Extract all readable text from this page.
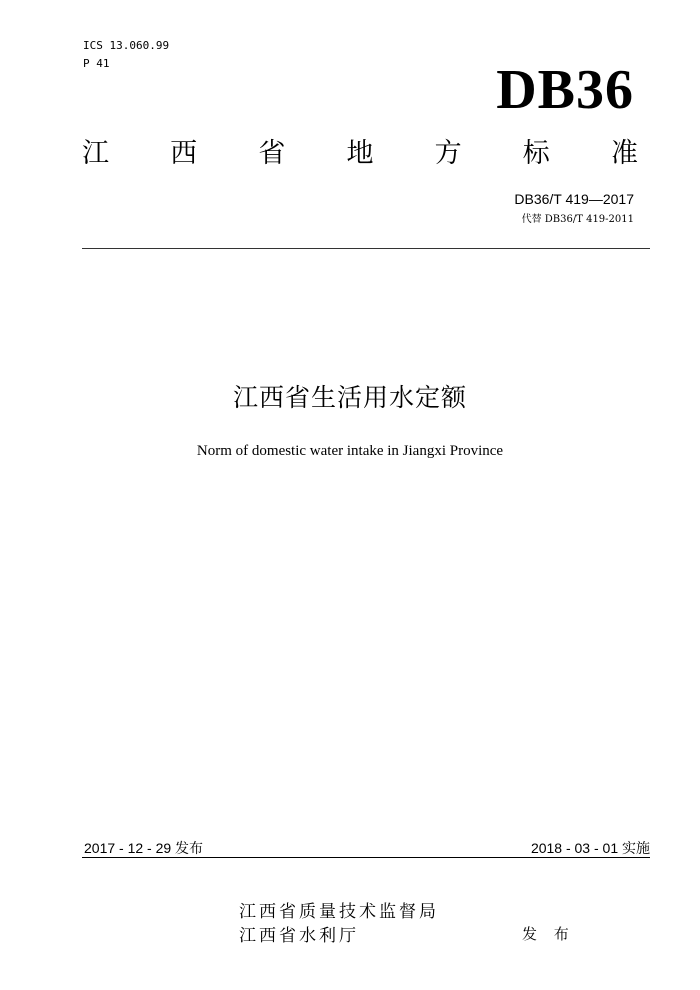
ICS 13.060.99
P 41	DB36
江 西 省 地 方 标 准
DB36/T 419—2017
代替 DB36/T 419-2011
江西省生活用水定额
Norm of domestic water intake in Jiangxi Province
2017 - 12 - 29 发布	2018 - 03 - 01 实施
江西省质量技术监督局
江西省水利厅	发 布
